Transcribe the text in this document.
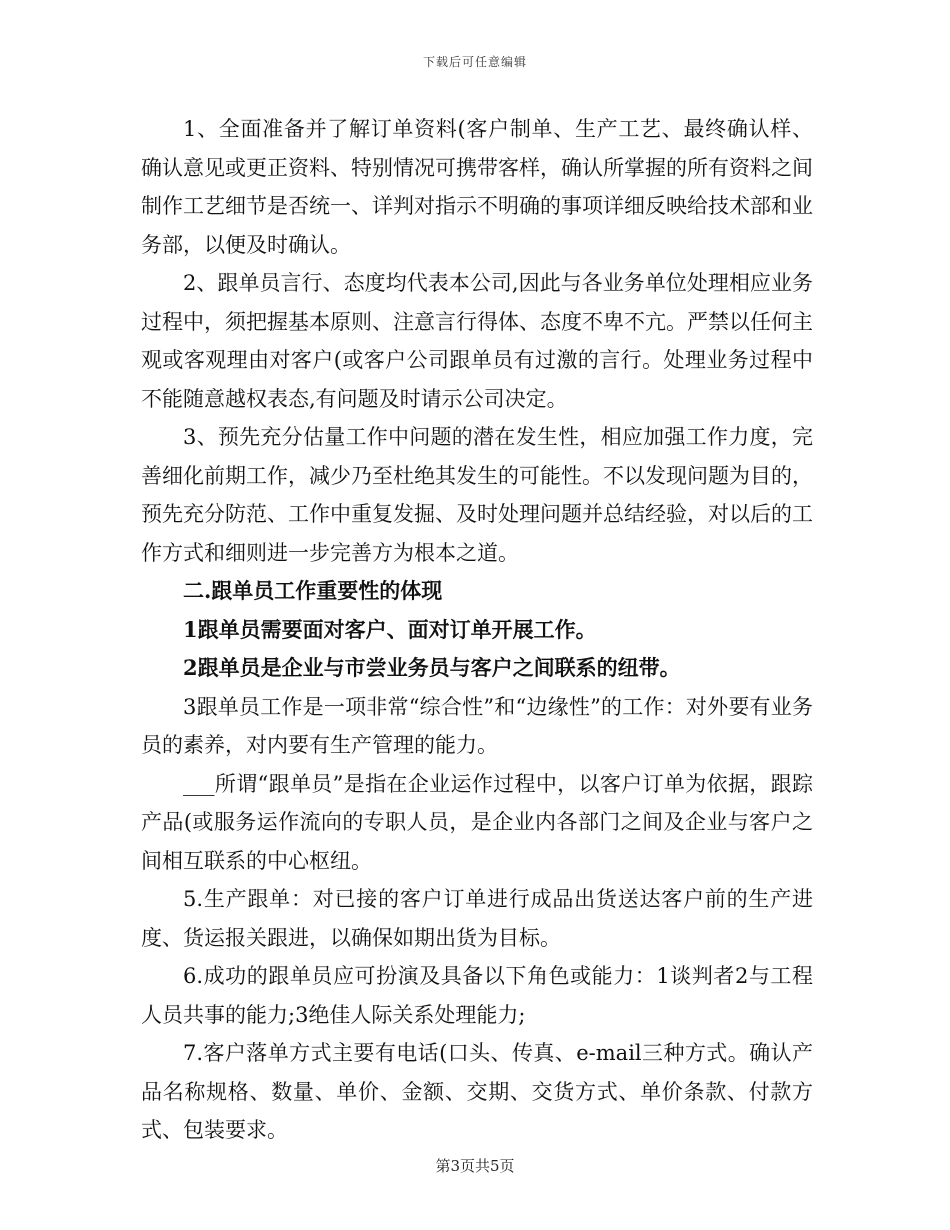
下载后可任意编辑

1、全面准备并了解订单资料(客户制单、生产工艺、最终确认样、确认意见或更正资料、特别情况可携带客样，确认所掌握的所有资料之间制作工艺细节是否统一、详判对指示不明确的事项详细反映给技术部和业务部，以便及时确认。

2、跟单员言行、态度均代表本公司,因此与各业务单位处理相应业务过程中，须把握基本原则、注意言行得体、态度不卑不亢。严禁以任何主观或客观理由对客户(或客户公司跟单员有过激的言行。处理业务过程中不能随意越权表态,有问题及时请示公司决定。

3、预先充分估量工作中问题的潜在发生性，相应加强工作力度，完善细化前期工作，减少乃至杜绝其发生的可能性。不以发现问题为目的，预先充分防范、工作中重复发掘、及时处理问题并总结经验，对以后的工作方式和细则进一步完善方为根本之道。

二.跟单员工作重要性的体现

1跟单员需要面对客户、面对订单开展工作。

2跟单员是企业与市尝业务员与客户之间联系的纽带。

3跟单员工作是一项非常“综合性”和“边缘性”的工作：对外要有业务员的素养，对内要有生产管理的能力。

___所谓“跟单员”是指在企业运作过程中，以客户订单为依据，跟踪产品(或服务运作流向的专职人员，是企业内各部门之间及企业与客户之间相互联系的中心枢纽。

5.生产跟单：对已接的客户订单进行成品出货送达客户前的生产进度、货运报关跟进，以确保如期出货为目标。

6.成功的跟单员应可扮演及具备以下角色或能力：1谈判者2与工程人员共事的能力;3绝佳人际关系处理能力;

7.客户落单方式主要有电话(口头、传真、e-mail三种方式。确认产品名称规格、数量、单价、金额、交期、交货方式、单价条款、付款方式、包装要求。

第3页共5页
